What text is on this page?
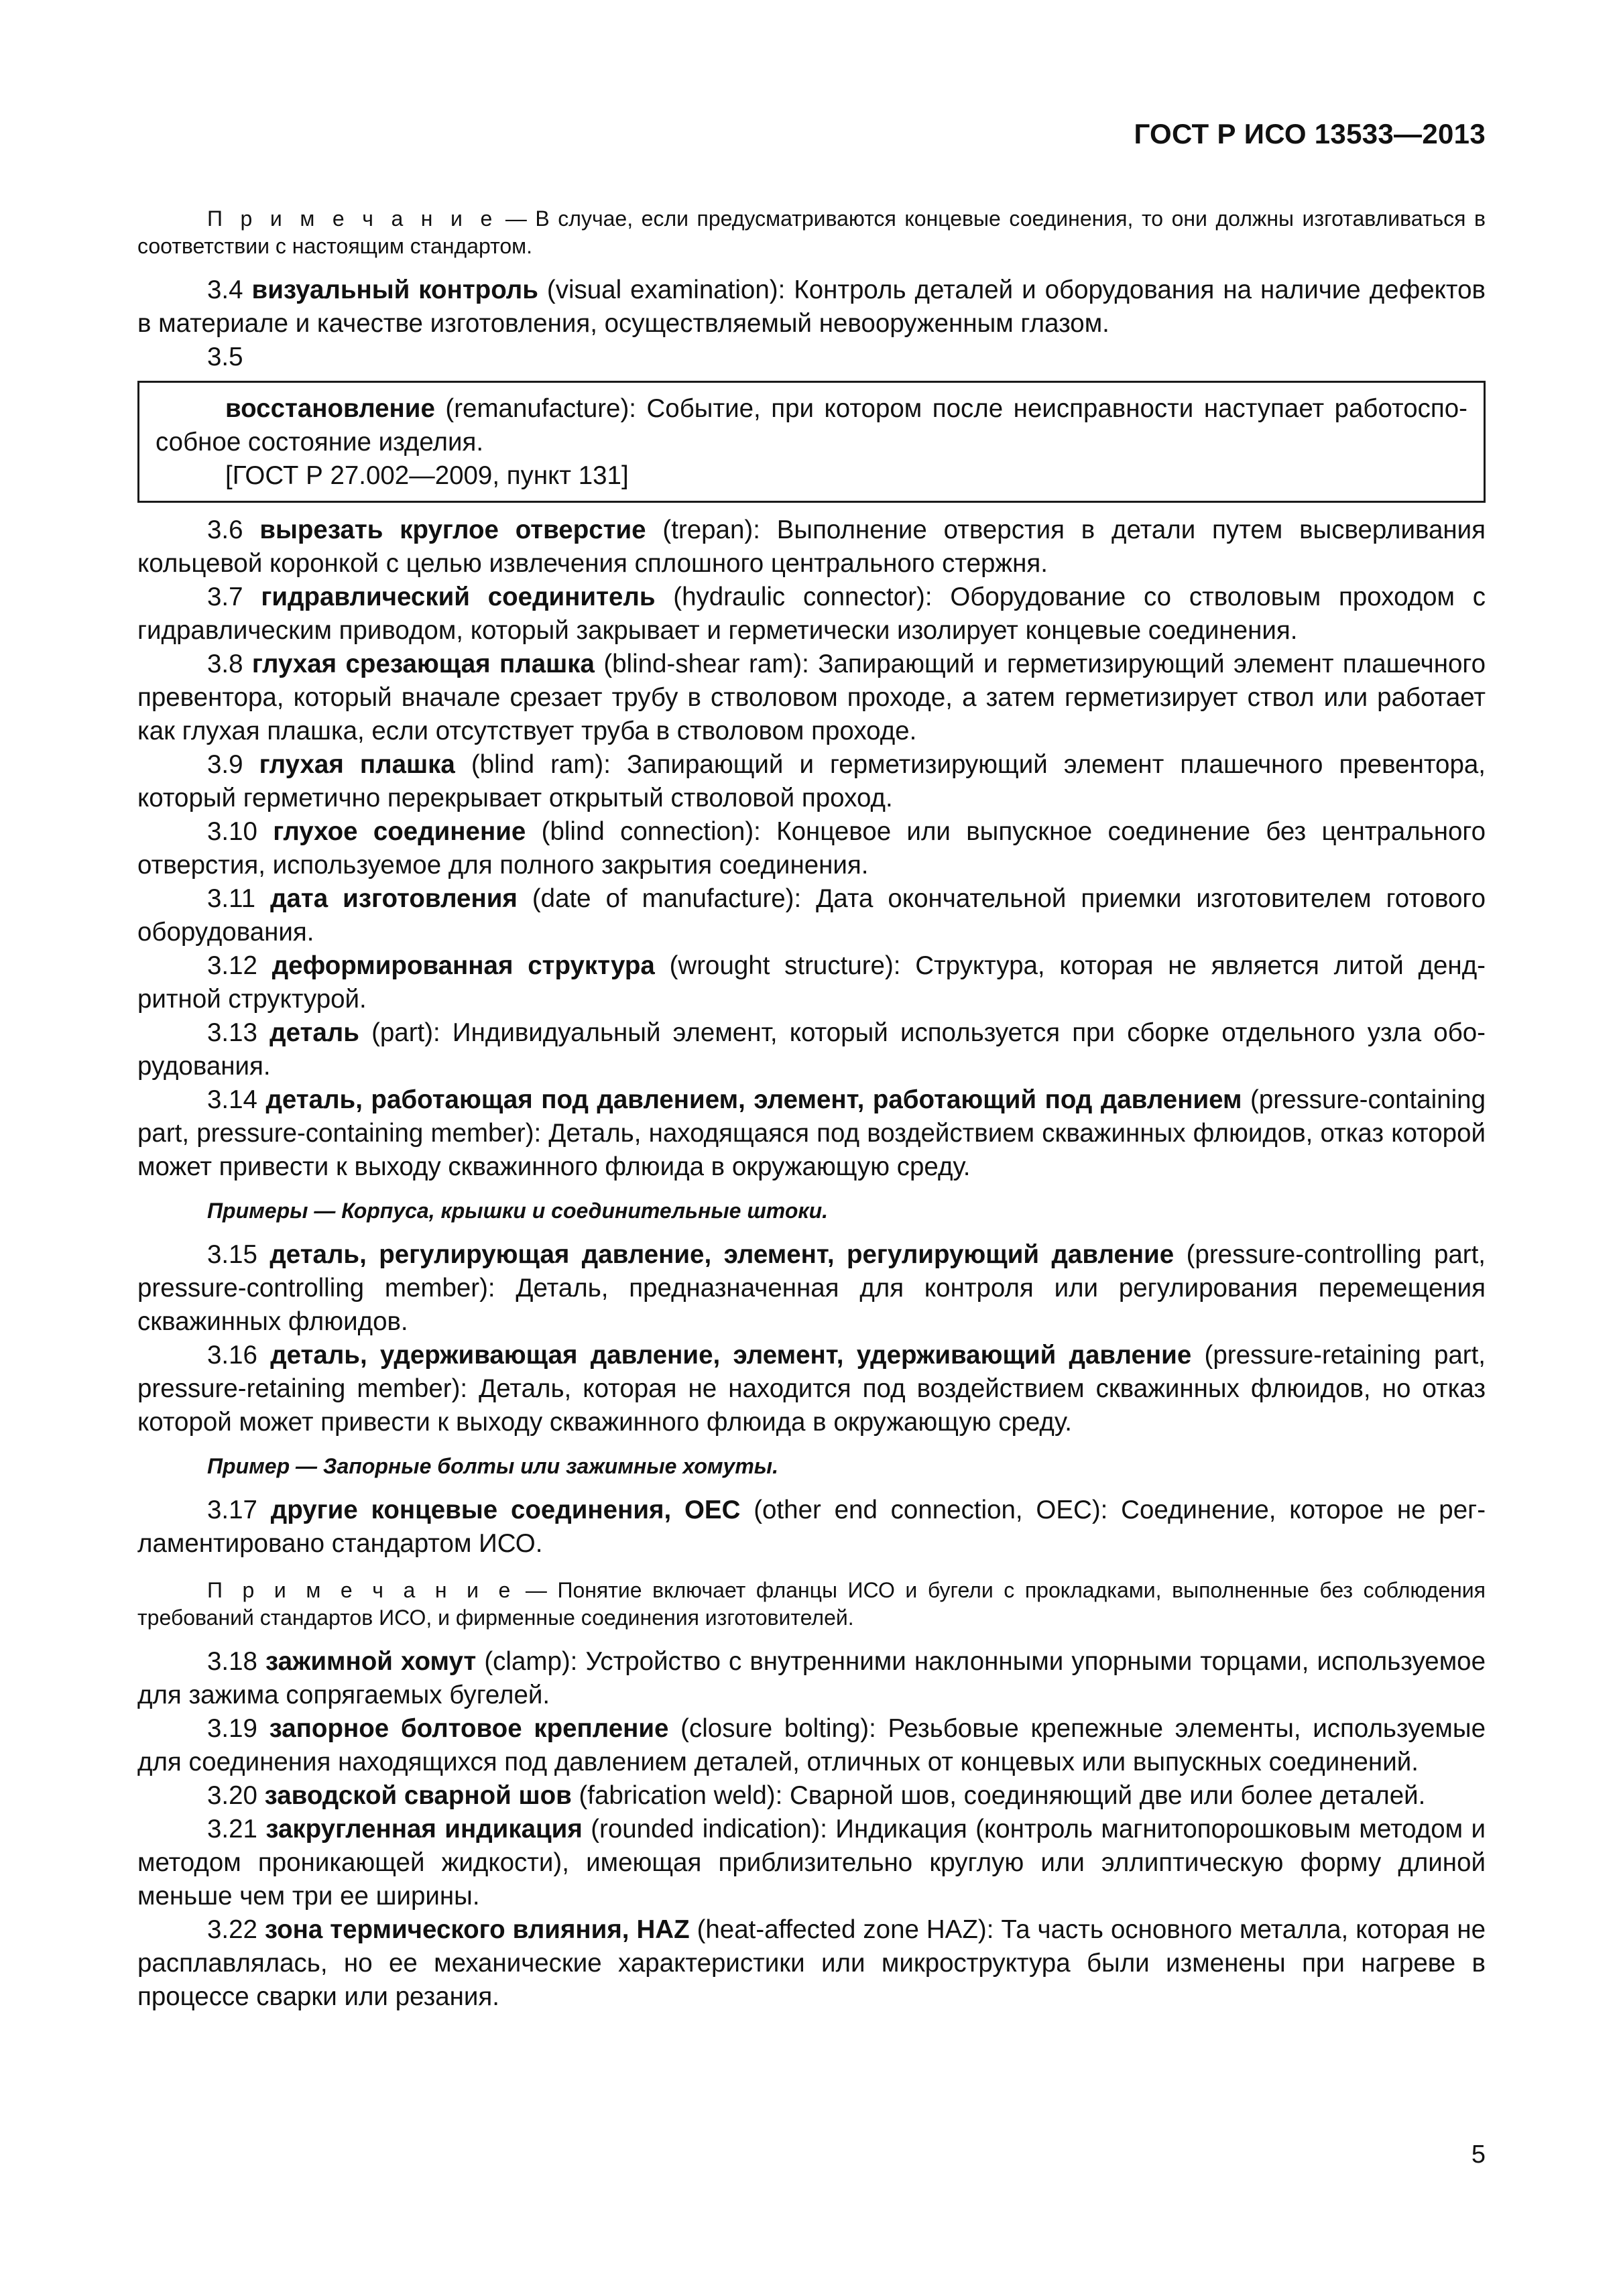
ГОСТ Р ИСО 13533—2013

П р и м е ч а н и е — В случае, если предусматриваются концевые соединения, то они должны изготавливаться в соответствии с настоящим стандартом.

3.4 визуальный контроль (visual examination): Контроль деталей и оборудования на наличие дефектов в материале и качестве изготовления, осуществляемый невооруженным глазом.

3.5

восстановление (remanufacture): Событие, при котором после неисправности наступает работоспособное состояние изделия.

[ГОСТ Р 27.002—2009, пункт 131]

3.6 вырезать круглое отверстие (trepan): Выполнение отверстия в детали путем высверливания кольцевой коронкой с целью извлечения сплошного центрального стержня.

3.7 гидравлический соединитель (hydraulic connector): Оборудование со стволовым проходом с гидравлическим приводом, который закрывает и герметически изолирует концевые соединения.

3.8 глухая срезающая плашка (blind-shear ram): Запирающий и герметизирующий элемент плашечного превентора, который вначале срезает трубу в стволовом проходе, а затем герметизирует ствол или работает как глухая плашка, если отсутствует труба в стволовом проходе.

3.9 глухая плашка (blind ram): Запирающий и герметизирующий элемент плашечного превентора, который герметично перекрывает открытый стволовой проход.

3.10 глухое соединение (blind connection): Концевое или выпускное соединение без центрального отверстия, используемое для полного закрытия соединения.

3.11 дата изготовления (date of manufacture): Дата окончательной приемки изготовителем готового оборудования.

3.12 деформированная структура (wrought structure): Структура, которая не является литой дендритной структурой.

3.13 деталь (part): Индивидуальный элемент, который используется при сборке отдельного узла оборудования.

3.14 деталь, работающая под давлением, элемент, работающий под давлением (pressure-containing part, pressure-containing member): Деталь, находящаяся под воздействием скважинных флюидов, отказ которой может привести к выходу скважинного флюида в окружающую среду.

Примеры — Корпуса, крышки и соединительные штоки.

3.15 деталь, регулирующая давление, элемент, регулирующий давление (pressure-controlling part, pressure-controlling member): Деталь, предназначенная для контроля или регулирования перемещения скважинных флюидов.

3.16 деталь, удерживающая давление, элемент, удерживающий давление (pressure-retaining part, pressure-retaining member): Деталь, которая не находится под воздействием скважинных флюидов, но отказ которой может привести к выходу скважинного флюида в окружающую среду.

Пример — Запорные болты или зажимные хомуты.

3.17 другие концевые соединения, OEC (other end connection, OEC): Соединение, которое не регламентировано стандартом ИСО.

П р и м е ч а н и е — Понятие включает фланцы ИСО и бугели с прокладками, выполненные без соблюдения требований стандартов ИСО, и фирменные соединения изготовителей.

3.18 зажимной хомут (clamp): Устройство с внутренними наклонными упорными торцами, используемое для зажима сопрягаемых бугелей.

3.19 запорное болтовое крепление (closure bolting): Резьбовые крепежные элементы, используемые для соединения находящихся под давлением деталей, отличных от концевых или выпускных соединений.

3.20 заводской сварной шов (fabrication weld): Сварной шов, соединяющий две или более деталей.

3.21 закругленная индикация (rounded indication): Индикация (контроль магнитопорошковым методом и методом проникающей жидкости), имеющая приблизительно круглую или эллиптическую форму длиной меньше чем три ее ширины.

3.22 зона термического влияния, HAZ (heat-affected zone HAZ): Та часть основного металла, которая не расплавлялась, но ее механические характеристики или микроструктура были изменены при нагреве в процессе сварки или резания.

5
